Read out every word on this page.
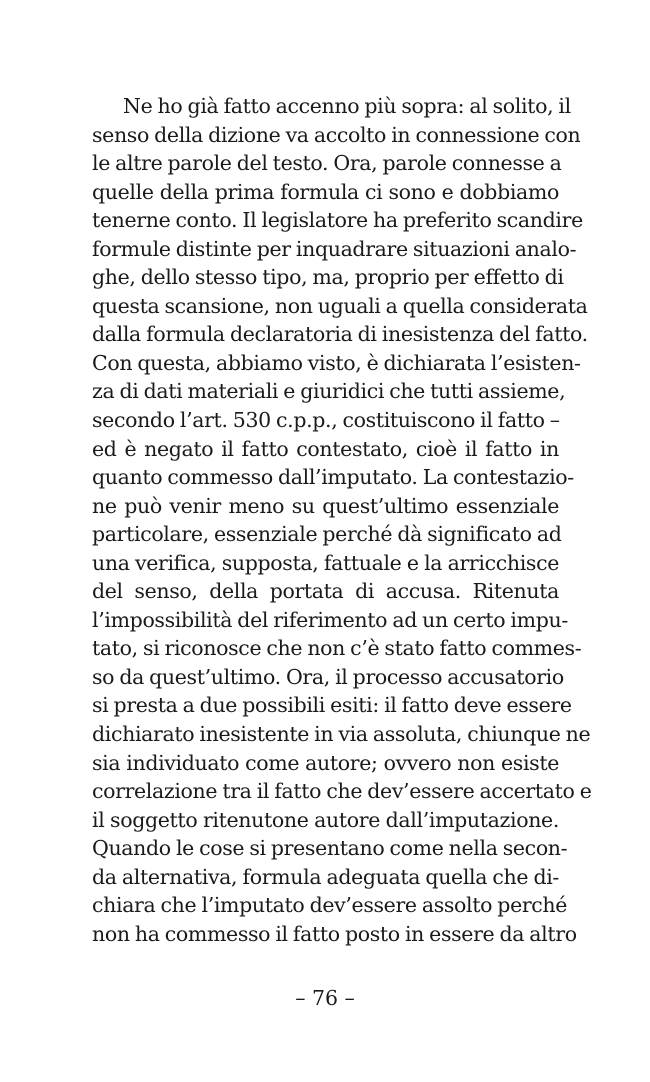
Ne ho già fatto accenno più sopra: al solito, il
senso della dizione va accolto in connessione con
le altre parole del testo. Ora, parole connesse a
quelle della prima formula ci sono e dobbiamo
tenerne conto. Il legislatore ha preferito scandire
formule distinte per inquadrare situazioni analo-
ghe, dello stesso tipo, ma, proprio per effetto di
questa scansione, non uguali a quella considerata
dalla formula declaratoria di inesistenza del fatto.
Con questa, abbiamo visto, è dichiarata l’esisten-
za di dati materiali e giuridici che tutti assieme,
secondo l’art. 530 c.p.p., costituiscono il fatto –
ed è negato il fatto contestato, cioè il fatto in
quanto commesso dall’imputato. La contestazio-
ne può venir meno su quest’ultimo essenziale
particolare, essenziale perché dà significato ad
una verifica, supposta, fattuale e la arricchisce
del senso, della portata di accusa. Ritenuta
l’impossibilità del riferimento ad un certo impu-
tato, si riconosce che non c’è stato fatto commes-
so da quest’ultimo. Ora, il processo accusatorio
si presta a due possibili esiti: il fatto deve essere
dichiarato inesistente in via assoluta, chiunque ne
sia individuato come autore; ovvero non esiste
correlazione tra il fatto che dev’essere accertato e
il soggetto ritenutone autore dall’imputazione.
Quando le cose si presentano come nella secon-
da alternativa, formula adeguata quella che di-
chiara che l’imputato dev’essere assolto perché
non ha commesso il fatto posto in essere da altro
– 76 –
